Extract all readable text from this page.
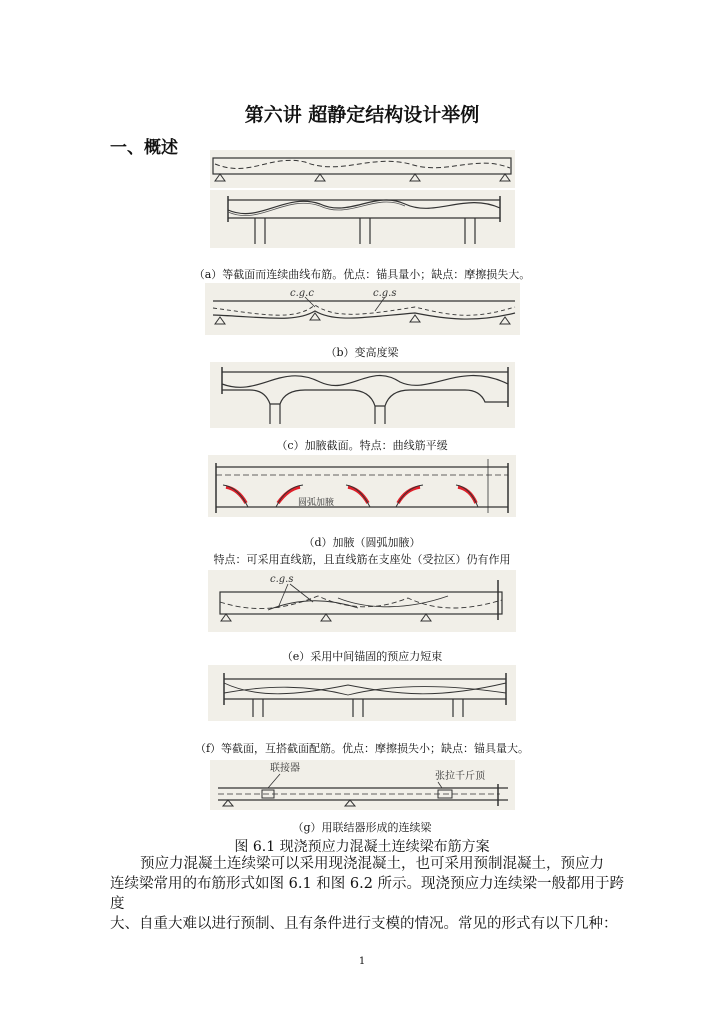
第六讲 超静定结构设计举例
一、概述
（a）等截面而连续曲线布筋。优点：锚具量小；缺点：摩擦损失大。
c.g.c	c.g.s
（b）变高度梁
（c）加腋截面。特点：曲线筋平缓
圆弧加腋
（d）加腋（圆弧加腋）
特点：可采用直线筋，且直线筋在支座处（受拉区）仍有作用
c.g.s
（e）采用中间锚固的预应力短束
（f）等截面，互搭截面配筋。优点：摩擦损失小；缺点：锚具量大。
联接器
张拉千斤顶
（g）用联结器形成的连续梁
图 6.1 现浇预应力混凝土连续梁布筋方案
预应力混凝土连续梁可以采用现浇混凝土，也可采用预制混凝土，预应力
连续梁常用的布筋形式如图 6.1 和图 6.2 所示。现浇预应力连续梁一般都用于跨
度
大、自重大难以进行预制、且有条件进行支模的情况。常见的形式有以下几种：
1
